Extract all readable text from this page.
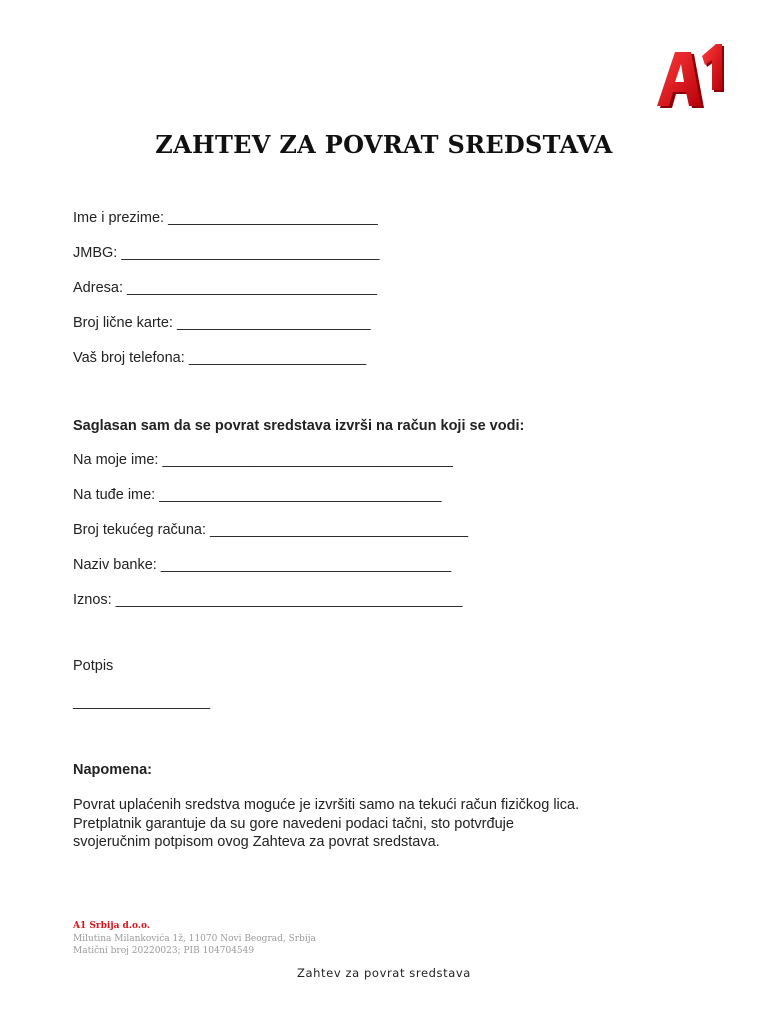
ZAHTEV ZA POVRAT SREDSTAVA
Ime i prezime: __________________________
JMBG: ________________________________
Adresa: _______________________________
Broj lične karte: ________________________
Vaš broj telefona: ______________________
Saglasan sam da se povrat sredstava izvrši na račun koji se vodi:
Na moje ime: ____________________________________
Na tuđe ime: ___________________________________
Broj tekućeg računa: ________________________________
Naziv banke: ____________________________________
Iznos: ___________________________________________
Potpis
_________________
Napomena:
Povrat uplaćenih sredstva moguće je izvršiti samo na tekući račun fizičkog lica.
Pretplatnik garantuje da su gore navedeni podaci tačni, sto potvrđuje
svojeručnim potpisom ovog Zahteva za povrat sredstava.
A1 Srbija d.o.o.
Milutina Milankovića 1ž, 11070 Novi Beograd, Srbija
Matični broj 20220023; PIB 104704549
Zahtev za povrat sredstava
